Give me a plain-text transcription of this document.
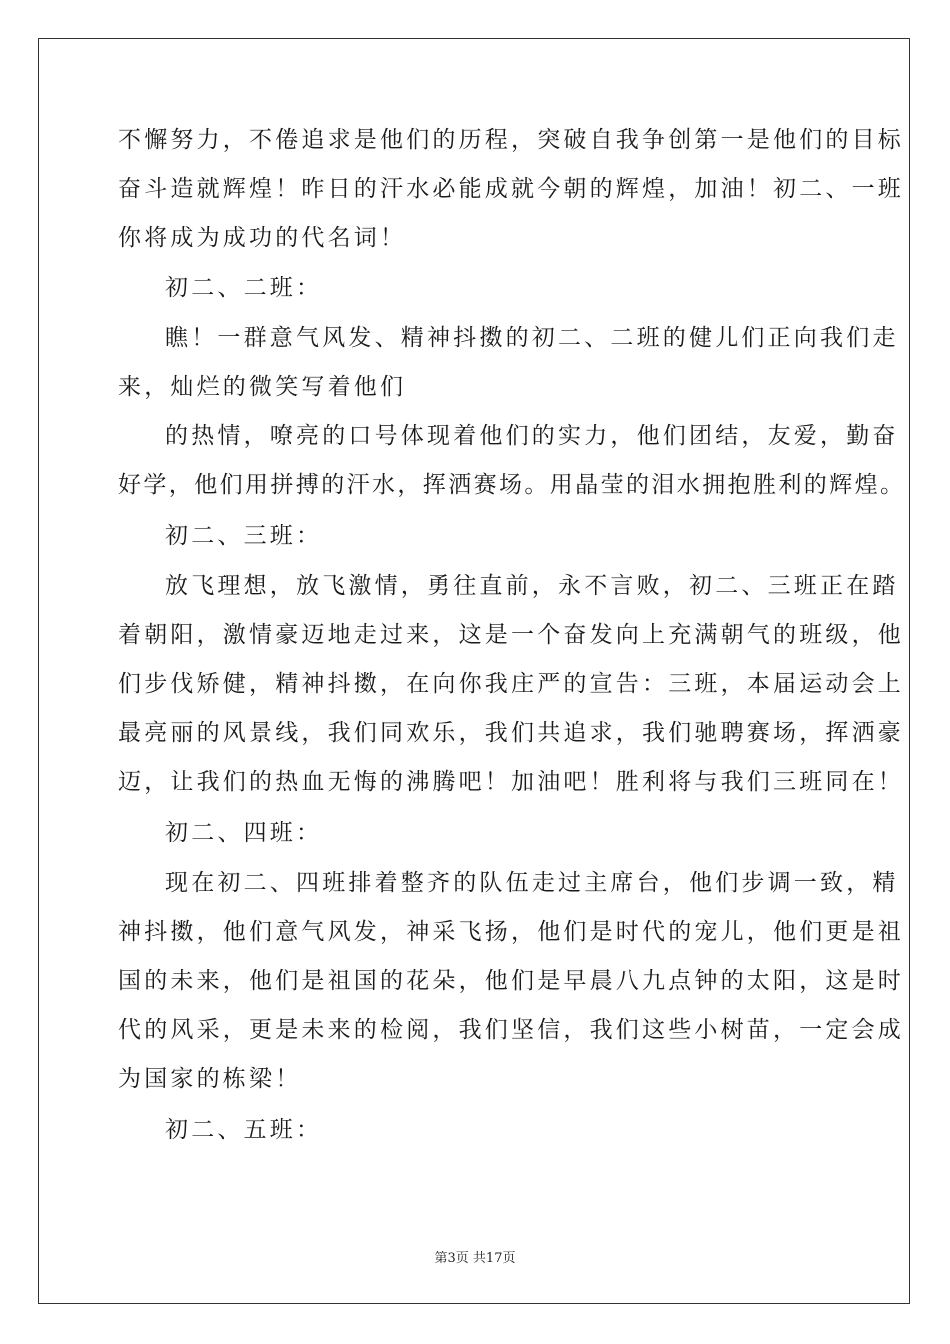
不懈努力，不倦追求是他们的历程，突破自我争创第一是他们的目标
奋斗造就辉煌！昨日的汗水必能成就今朝的辉煌，加油！初二、一班
你将成为成功的代名词！
初二、二班：
瞧！一群意气风发、精神抖擞的初二、二班的健儿们正向我们走
来，灿烂的微笑写着他们
的热情，嘹亮的口号体现着他们的实力，他们团结，友爱，勤奋
好学，他们用拼搏的汗水，挥洒赛场。用晶莹的泪水拥抱胜利的辉煌。
初二、三班：
放飞理想，放飞激情，勇往直前，永不言败，初二、三班正在踏
着朝阳，激情豪迈地走过来，这是一个奋发向上充满朝气的班级，他
们步伐矫健，精神抖擞，在向你我庄严的宣告：三班，本届运动会上
最亮丽的风景线，我们同欢乐，我们共追求，我们驰聘赛场，挥洒豪
迈，让我们的热血无悔的沸腾吧！加油吧！胜利将与我们三班同在！
初二、四班：
现在初二、四班排着整齐的队伍走过主席台，他们步调一致，精
神抖擞，他们意气风发，神采飞扬，他们是时代的宠儿，他们更是祖
国的未来，他们是祖国的花朵，他们是早晨八九点钟的太阳，这是时
代的风采，更是未来的检阅，我们坚信，我们这些小树苗，一定会成
为国家的栋梁！
初二、五班：
第3页 共17页
